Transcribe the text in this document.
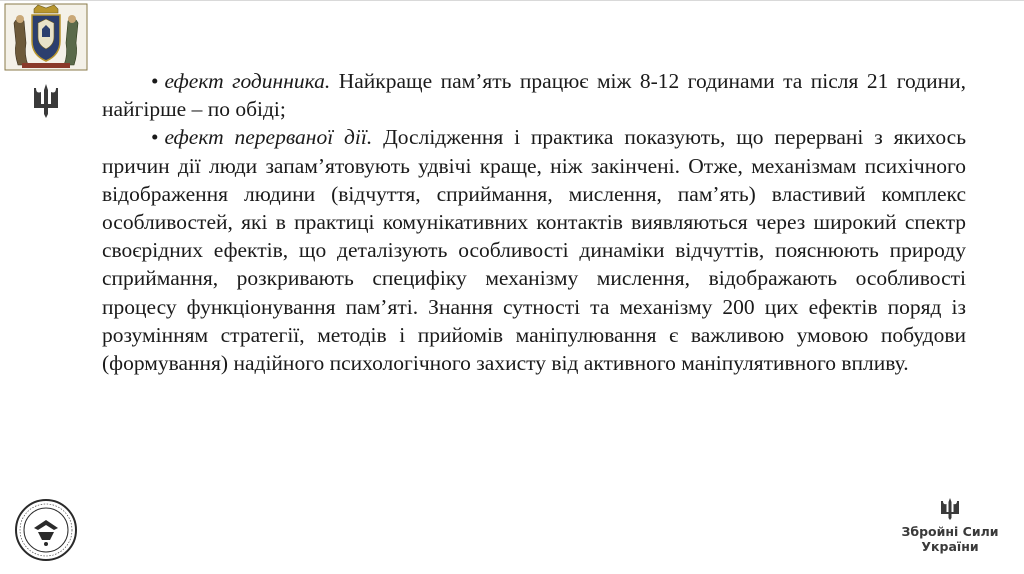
• ефект годинника. Найкраще пам’ять працює між 8-12 годинами та після 21 години, найгірше – по обіді;

• ефект перерваної дії. Дослідження і практика показують, що перервані з якихось причин дії люди запам’ятовують удвічі краще, ніж закінчені. Отже, механізмам психічного відображення людини (відчуття, сприймання, мислення, пам’ять) властивий комплекс особливостей, які в практиці комунікативних контактів виявляються через широкий спектр своєрідних ефектів, що деталізують особливості динаміки відчуттів, пояснюють природу сприймання, розкривають специфіку механізму мислення, відображають особливості процесу функціонування пам’яті. Знання сутності та механізму 200 цих ефектів поряд із розумінням стратегії, методів і прийомів маніпулювання є важливою умовою побудови (формування) надійного психологічного захисту від активного маніпулятивного впливу.

Збройні Сили
України
